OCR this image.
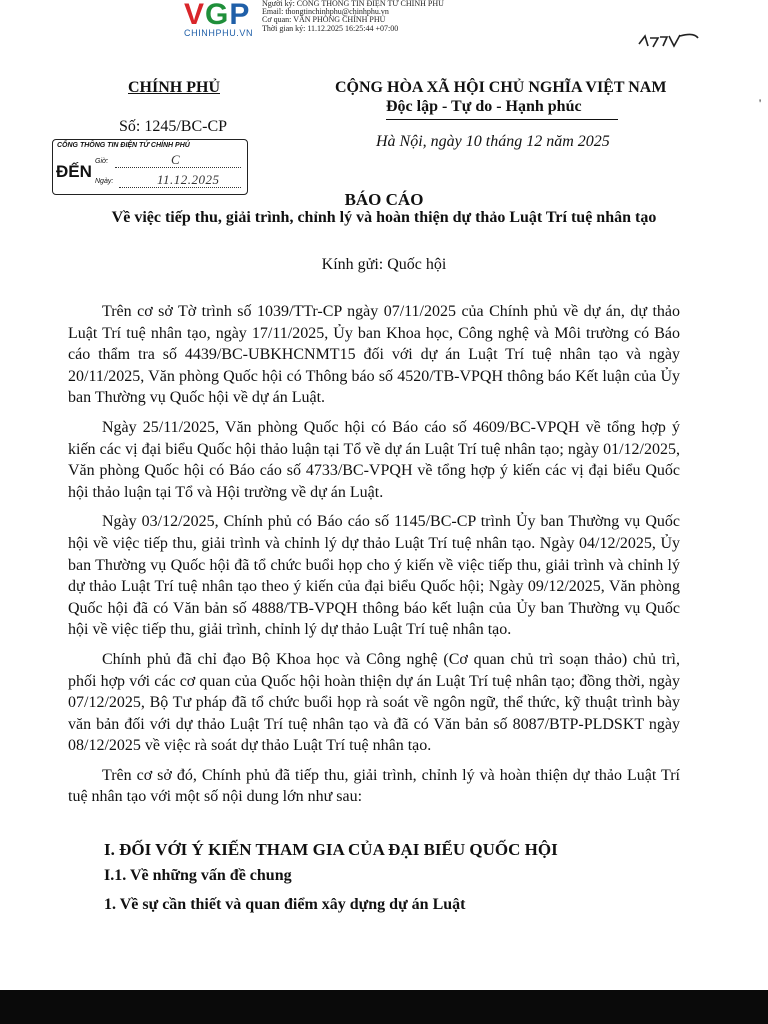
VGP
CHINHPHU.VN
Người ký: CỔNG THÔNG TIN ĐIỆN TỬ CHÍNH PHỦ
Email: thongtinchinhphu@chinhphu.vn
Cơ quan: VĂN PHÒNG CHÍNH PHỦ
Thời gian ký: 11.12.2025 16:25:44 +07:00
CHÍNH PHỦ
Số: 1245/BC-CP
CỔNG THÔNG TIN ĐIỆN TỬ CHÍNH PHỦ
ĐẾN
Giờ:	C
Ngày:	11.12.2025
CỘNG HÒA XÃ HỘI CHỦ NGHĨA VIỆT NAM
Độc lập - Tự do - Hạnh phúc
Hà Nội, ngày 10 tháng 12 năm 2025
'
BÁO CÁO
Về việc tiếp thu, giải trình, chỉnh lý và hoàn thiện dự thảo Luật Trí tuệ nhân tạo
Kính gửi: Quốc hội

Trên cơ sở Tờ trình số 1039/TTr-CP ngày 07/11/2025 của Chính phủ về dự án, dự thảo Luật Trí tuệ nhân tạo, ngày 17/11/2025, Ủy ban Khoa học, Công nghệ và Môi trường có Báo cáo thẩm tra số 4439/BC-UBKHCNMT15 đối với dự án Luật Trí tuệ nhân tạo và ngày 20/11/2025, Văn phòng Quốc hội có Thông báo số 4520/TB-VPQH thông báo Kết luận của Ủy ban Thường vụ Quốc hội về dự án Luật.

Ngày 25/11/2025, Văn phòng Quốc hội có Báo cáo số 4609/BC-VPQH về tổng hợp ý kiến các vị đại biểu Quốc hội thảo luận tại Tổ về dự án Luật Trí tuệ nhân tạo; ngày 01/12/2025, Văn phòng Quốc hội có Báo cáo số 4733/BC-VPQH về tổng hợp ý kiến các vị đại biểu Quốc hội thảo luận tại Tổ và Hội trường về dự án Luật.

Ngày 03/12/2025, Chính phủ có Báo cáo số 1145/BC-CP trình Ủy ban Thường vụ Quốc hội về việc tiếp thu, giải trình và chỉnh lý dự thảo Luật Trí tuệ nhân tạo. Ngày 04/12/2025, Ủy ban Thường vụ Quốc hội đã tổ chức buổi họp cho ý kiến về việc tiếp thu, giải trình và chỉnh lý dự thảo Luật Trí tuệ nhân tạo theo ý kiến của đại biểu Quốc hội; Ngày 09/12/2025, Văn phòng Quốc hội đã có Văn bản số 4888/TB-VPQH thông báo kết luận của Ủy ban Thường vụ Quốc hội về việc tiếp thu, giải trình, chỉnh lý dự thảo Luật Trí tuệ nhân tạo.

Chính phủ đã chỉ đạo Bộ Khoa học và Công nghệ (Cơ quan chủ trì soạn thảo) chủ trì, phối hợp với các cơ quan của Quốc hội hoàn thiện dự án Luật Trí tuệ nhân tạo; đồng thời, ngày 07/12/2025, Bộ Tư pháp đã tổ chức buổi họp rà soát về ngôn ngữ, thể thức, kỹ thuật trình bày văn bản đối với dự thảo Luật Trí tuệ nhân tạo và đã có Văn bản số 8087/BTP-PLDSKT ngày 08/12/2025 về việc rà soát dự thảo Luật Trí tuệ nhân tạo.

Trên cơ sở đó, Chính phủ đã tiếp thu, giải trình, chỉnh lý và hoàn thiện dự thảo Luật Trí tuệ nhân tạo với một số nội dung lớn như sau:

I. ĐỐI VỚI Ý KIẾN THAM GIA CỦA ĐẠI BIỂU QUỐC HỘI
I.1. Về những vấn đề chung
1. Về sự cần thiết và quan điểm xây dựng dự án Luật
